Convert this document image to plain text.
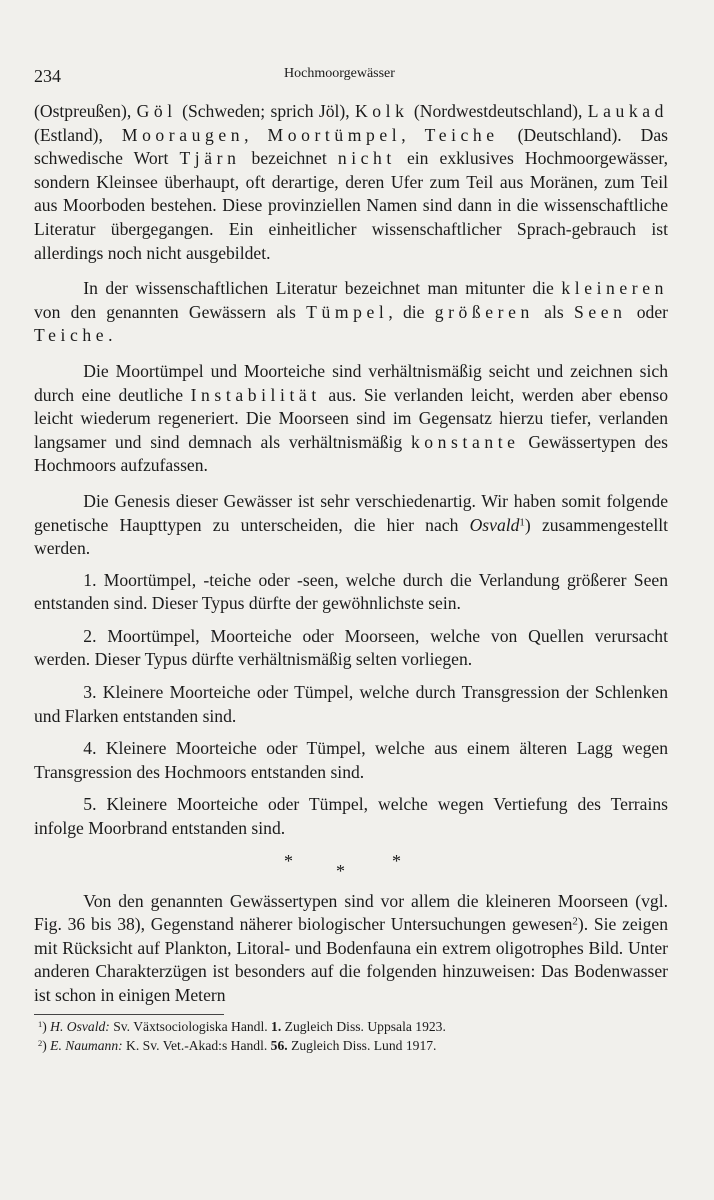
234	Hochmoorgewässer

(Ostpreußen), Göl (Schweden; sprich Jöl), Kolk (Nordwestdeutschland), Laukad (Estland), Mooraugen, Moortümpel, Teiche (Deutschland). Das schwedische Wort Tjärn bezeichnet nicht ein exklusives Hochmoorgewässer, sondern Kleinsee überhaupt, oft derartige, deren Ufer zum Teil aus Moränen, zum Teil aus Moorboden bestehen. Diese provinziellen Namen sind dann in die wissenschaftliche Literatur übergegangen. Ein einheitlicher wissenschaftlicher Sprach-gebrauch ist allerdings noch nicht ausgebildet.

In der wissenschaftlichen Literatur bezeichnet man mitunter die kleineren von den genannten Gewässern als Tümpel, die größeren als Seen oder Teiche.

Die Moortümpel und Moorteiche sind verhältnismäßig seicht und zeichnen sich durch eine deutliche Instabilität aus. Sie verlanden leicht, werden aber ebenso leicht wiederum regeneriert. Die Moorseen sind im Gegensatz hierzu tiefer, verlanden langsamer und sind demnach als verhältnismäßig konstante Gewässertypen des Hochmoors aufzufassen.

Die Genesis dieser Gewässer ist sehr verschiedenartig. Wir haben somit folgende genetische Haupttypen zu unterscheiden, die hier nach Osvald$^1$) zusammengestellt werden.

1. Moortümpel, -teiche oder -seen, welche durch die Verlandung größerer Seen entstanden sind. Dieser Typus dürfte der gewöhnlichste sein.

2. Moortümpel, Moorteiche oder Moorseen, welche von Quellen verursacht werden. Dieser Typus dürfte verhältnismäßig selten vorliegen.

3. Kleinere Moorteiche oder Tümpel, welche durch Transgression der Schlenken und Flarken entstanden sind.

4. Kleinere Moorteiche oder Tümpel, welche aus einem älteren Lagg wegen Transgression des Hochmoors entstanden sind.

5. Kleinere Moorteiche oder Tümpel, welche wegen Vertiefung des Terrains infolge Moorbrand entstanden sind.

* *	*

Von den genannten Gewässertypen sind vor allem die kleineren Moorseen (vgl. Fig. 36 bis 38), Gegenstand näherer biologischer Untersuchungen gewesen$^2$). Sie zeigen mit Rücksicht auf Plankton, Litoral- und Bodenfauna ein extrem oligotrophes Bild. Unter anderen Charakterzügen ist besonders auf die folgenden hinzuweisen: Das Bodenwasser ist schon in einigen Metern

$^1$) H. Osvald: Sv. Växtsociologiska Handl. 1. Zugleich Diss. Uppsala 1923.

$^2$) E. Naumann: K. Sv. Vet.-Akad:s Handl. 56. Zugleich Diss. Lund 1917.
